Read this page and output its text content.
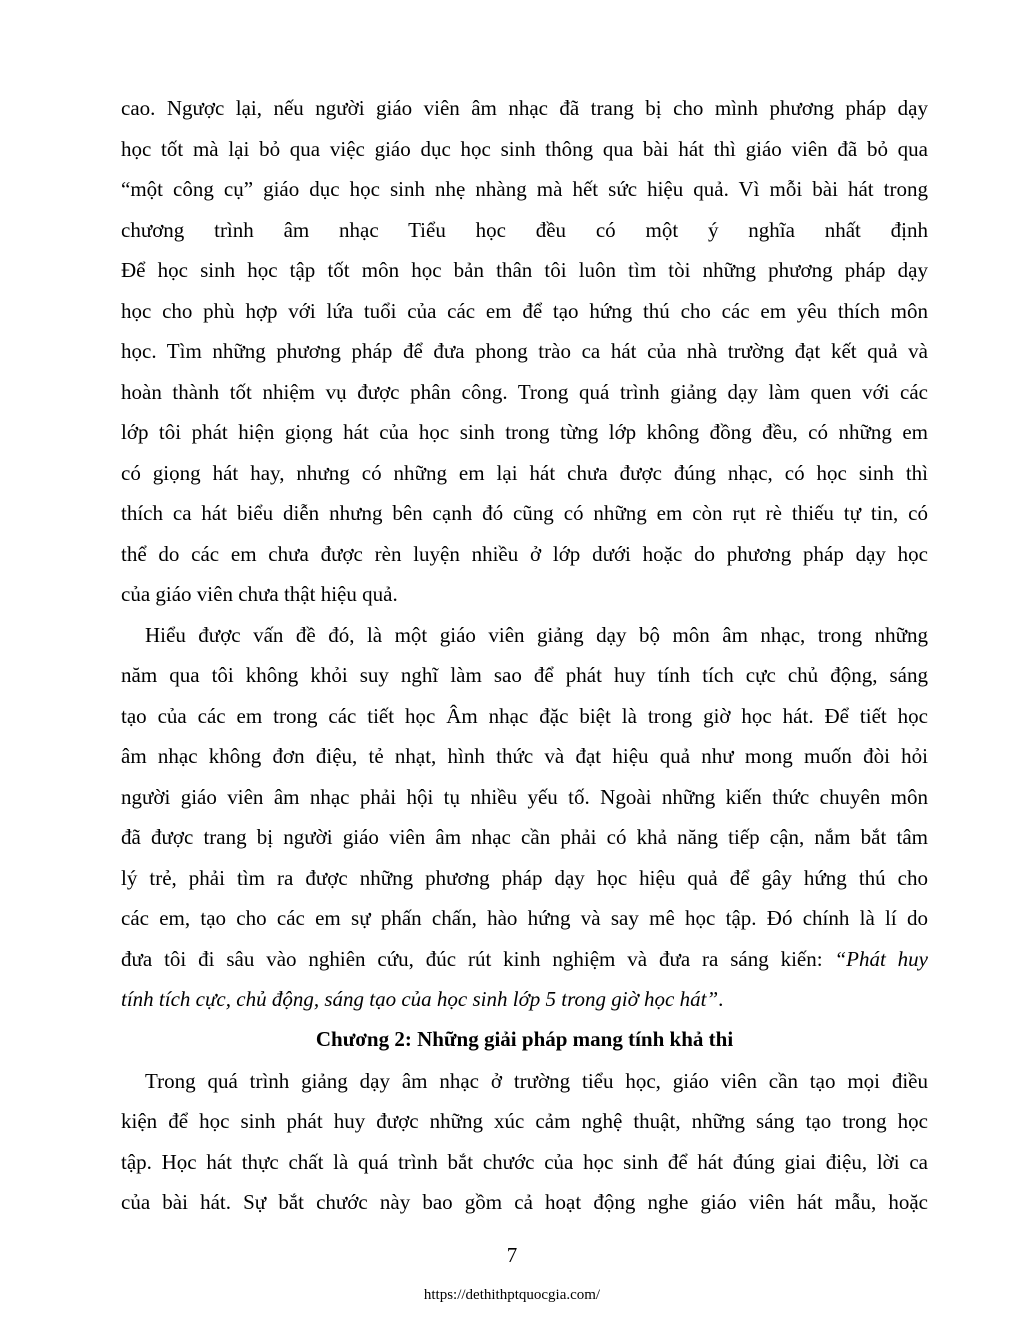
cao. Ngược lại, nếu người giáo viên âm nhạc đã trang bị cho mình phương pháp dạy
học tốt mà lại bỏ qua việc giáo dục học sinh thông qua bài hát thì giáo viên đã bỏ qua
“một công cụ” giáo dục học sinh nhẹ nhàng mà hết sức hiệu quả. Vì mỗi bài hát trong
chương trình âm nhạc Tiểu học đều có một ý nghĩa nhất định
Để học sinh học tập tốt môn học bản thân tôi luôn tìm tòi những phương pháp dạy
học cho phù hợp với lứa tuổi của các em để tạo hứng thú cho các em yêu thích môn
học. Tìm những phương pháp để đưa phong trào ca hát của nhà trường đạt kết quả và
hoàn thành tốt nhiệm vụ được phân công. Trong quá trình giảng dạy làm quen với các
lớp tôi phát hiện giọng hát của học sinh trong từng lớp không đồng đều, có những em
có giọng hát hay, nhưng có những em lại hát chưa được đúng nhạc, có học sinh thì
thích ca hát biểu diễn nhưng bên cạnh đó cũng có những em còn rụt rè thiếu tự tin, có
thể do các em chưa được rèn luyện nhiều ở lớp dưới hoặc do phương pháp dạy học
của giáo viên chưa thật hiệu quả.
Hiểu được vấn đề đó, là một giáo viên giảng dạy bộ môn âm nhạc, trong những
năm qua tôi không khỏi suy nghĩ làm sao để phát huy tính tích cực chủ động, sáng
tạo của các em trong các tiết học Âm nhạc đặc biệt là trong giờ học hát. Để tiết học
âm nhạc không đơn điệu, tẻ nhạt, hình thức và đạt hiệu quả như mong muốn đòi hỏi
người giáo viên âm nhạc phải hội tụ nhiều yếu tố. Ngoài những kiến thức chuyên môn
đã được trang bị người giáo viên âm nhạc cần phải có khả năng tiếp cận, nắm bắt tâm
lý trẻ, phải tìm ra được những phương pháp dạy học hiệu quả để gây hứng thú cho
các em, tạo cho các em sự phấn chấn, hào hứng và say mê học tập. Đó chính là lí do
đưa tôi đi sâu vào nghiên cứu, đúc rút kinh nghiệm và đưa ra sáng kiến: “Phát huy
tính tích cực, chủ động, sáng tạo của học sinh lớp 5 trong giờ học hát”.
Chương 2: Những giải pháp mang tính khả thi
Trong quá trình giảng dạy âm nhạc ở trường tiểu học, giáo viên cần tạo mọi điều
kiện để học sinh phát huy được những xúc cảm nghệ thuật, những sáng tạo trong học
tập. Học hát thực chất là quá trình bắt chước của học sinh để hát đúng giai điệu, lời ca
của bài hát. Sự bắt chước này bao gồm cả hoạt động nghe giáo viên hát mẫu, hoặc
7
https://dethithptquocgia.com/
